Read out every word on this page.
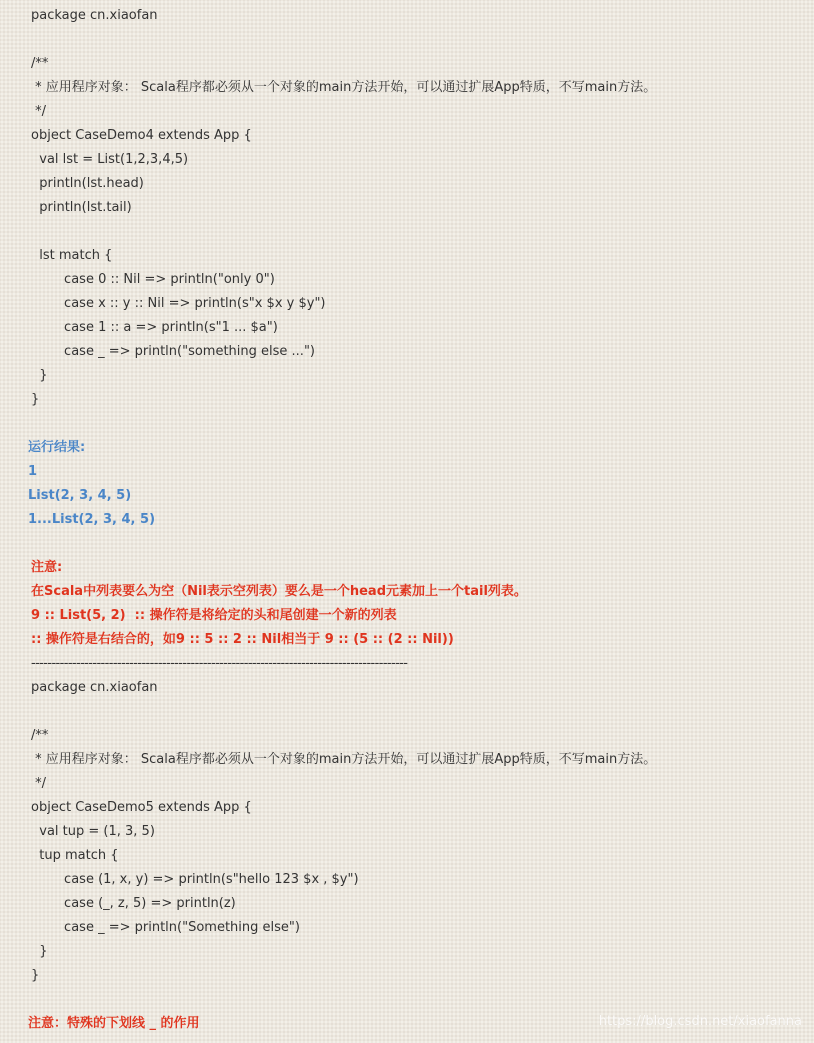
package cn.xiaofan
/**
* 应用程序对象： Scala程序都必须从一个对象的main方法开始，可以通过扩展App特质，不写main方法。
*/
object CaseDemo4 extends App {
val lst = List(1,2,3,4,5)
println(lst.head)
println(lst.tail)
lst match {
case 0 :: Nil => println("only 0")
case x :: y :: Nil => println(s"x $x y $y")
case 1 :: a => println(s"1 ... $a")
case _ => println("something else ...")
}
}
运行结果:
1
List(2, 3, 4, 5)
1...List(2, 3, 4, 5)
注意:
在Scala中列表要么为空（Nil表示空列表）要么是一个head元素加上一个tail列表。
9 :: List(5, 2)  :: 操作符是将给定的头和尾创建一个新的列表
:: 操作符是右结合的，如9 :: 5 :: 2 :: Nil相当于 9 :: (5 :: (2 :: Nil))
--------------------------------------------------------------------------------------------
package cn.xiaofan
/**
* 应用程序对象： Scala程序都必须从一个对象的main方法开始，可以通过扩展App特质，不写main方法。
*/
object CaseDemo5 extends App {
val tup = (1, 3, 5)
tup match {
case (1, x, y) => println(s"hello 123 $x , $y")
case (_, z, 5) => println(z)
case _ => println("Something else")
}
}
注意：特殊的下划线 _ 的作用	https://blog.csdn.net/xiaofanna
